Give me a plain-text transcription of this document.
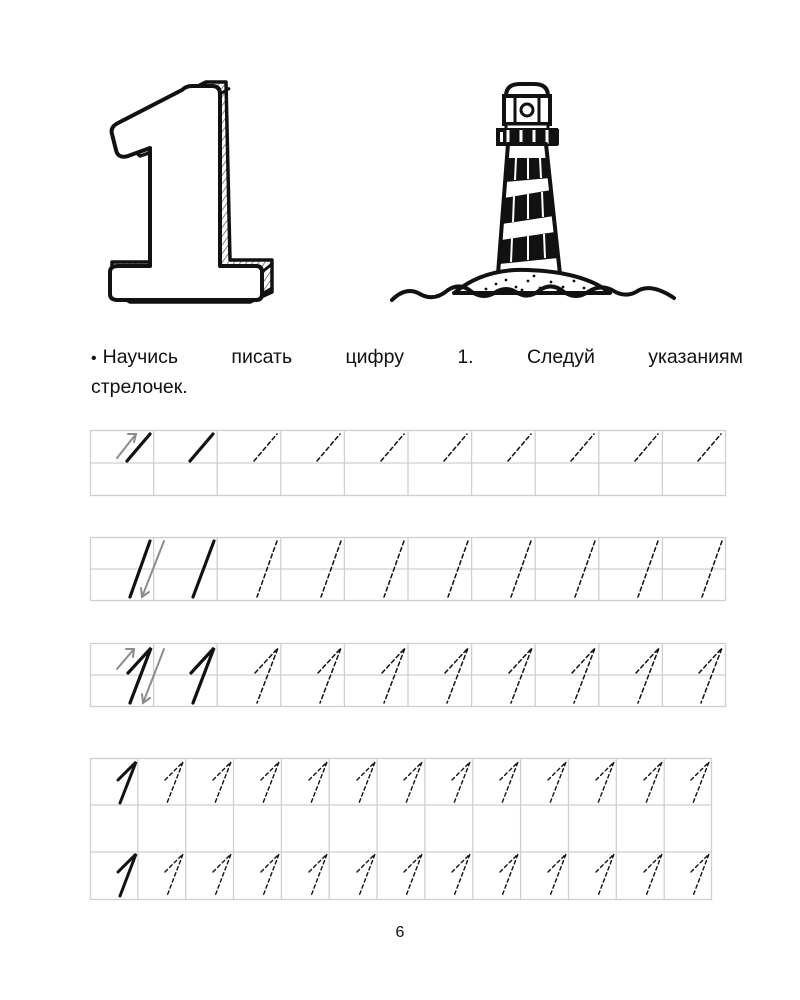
• Научись	писать	цифру	1.	Следуй	указаниям
стрелочек.
6
